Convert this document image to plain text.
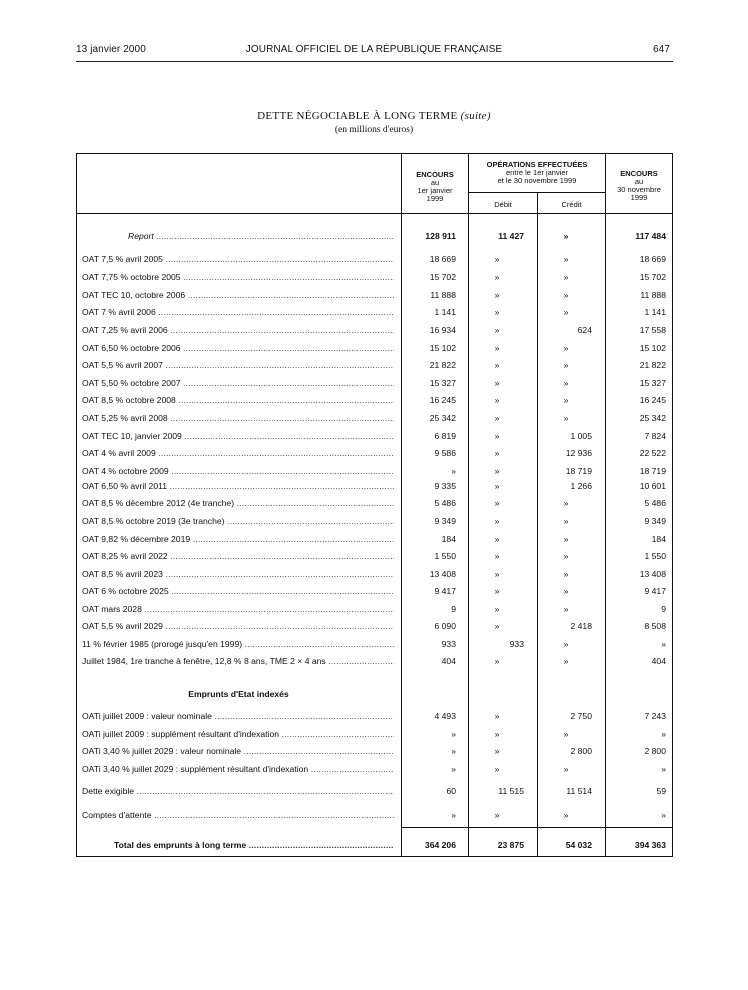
13 janvier 2000	JOURNAL OFFICIEL DE LA RÉPUBLIQUE FRANÇAISE	647
DETTE NÉGOCIABLE À LONG TERME (suite)
(en millions d'euros)
ENCOURS
au
1er janvier
1999
OPÉRATIONS EFFECTUÉES
entre le 1er janvier
et le 30 novembre 1999
Débit	Crédit
ENCOURS
au
30 novembre
1999
Report .....	128 911	11 427	»	117 484
OAT 7,5 % avril 2005 .....	18 669	»	»	18 669
OAT 7,75 % octobre 2005 .....	15 702	»	»	15 702
OAT TEC 10, octobre 2006 .....	11 888	»	»	11 888
OAT 7 % avril 2006 .....	1 141	»	»	1 141
OAT 7,25 % avril 2006 .....	16 934	»	624	17 558
OAT 6,50 % octobre 2006 .....	15 102	»	»	15 102
OAT 5,5 % avril 2007 .....	21 822	»	»	21 822
OAT 5,50 % octobre 2007 .....	15 327	»	»	15 327
OAT 8,5 % octobre 2008 .....	16 245	»	»	16 245
OAT 5,25 % avril 2008 .....	25 342	»	»	25 342
OAT TEC 10, janvier 2009 .....	6 819	»	1 005	7 824
OAT 4 % avril 2009 .....	9 586	»	12 936	22 522
OAT 4 % octobre 2009 .....	»	»	18 719	18 719
OAT 6,50 % avril 2011 .....	9 335	»	1 266	10 601
OAT 8,5 % décembre 2012 (4e tranche) .....	5 486	»	»	5 486
OAT 8,5 % octobre 2019 (3e tranche) .....	9 349	»	»	9 349
OAT 9,82 % décembre 2019 .....	184	»	»	184
OAT 8,25 % avril 2022 .....	1 550	»	»	1 550
OAT 8,5 % avril 2023 .....	13 408	»	»	13 408
OAT 6 % octobre 2025 .....	9 417	»	»	9 417
OAT mars 2028 .....	9	»	»	9
OAT 5,5 % avril 2029 .....	6 090	»	2 418	8 508
11 % février 1985 (prorogé jusqu'en 1999) .....	933	933	»	»
Juillet 1984, 1re tranche à fenêtre, 12,8 % 8 ans, TME 2 × 4 ans .....	404	»	»	404
OATi juillet 2009 : valeur nominale .....	4 493	»	2 750	7 243
OATi juillet 2009 : supplément résultant d'indexation .....	»	»	»	»
OATi 3,40 % juillet 2029 : valeur nominale .....	»	»	2 800	2 800
OATi 3,40 % juillet 2029 : supplément résultant d'indexation .....	»	»	»	»
Dette exigible .....	60	11 515	11 514	59
Comptes d'attente .....	»	»	»	»
Emprunts d'Etat indexés
Total des emprunts à long terme .....	364 206	23 875	54 032	394 363
